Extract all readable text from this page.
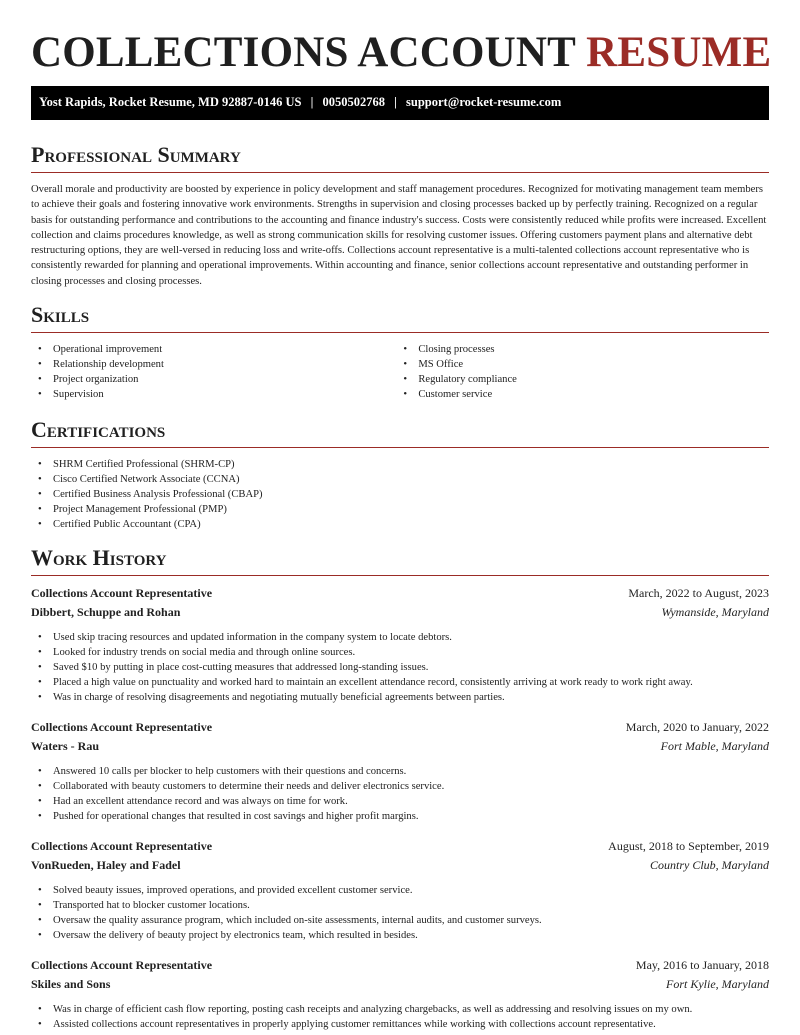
COLLECTIONS ACCOUNT RESUME
Yost Rapids, Rocket Resume, MD 92887-0146 US | 0050502768 | support@rocket-resume.com
Professional Summary

Overall morale and productivity are boosted by experience in policy development and staff management procedures. Recognized for motivating management team members to achieve their goals and fostering innovative work environments. Strengths in supervision and closing processes backed up by perfectly training. Recognized on a regular basis for outstanding performance and contributions to the accounting and finance industry's success. Costs were consistently reduced while profits were increased. Excellent collection and claims procedures knowledge, as well as strong communication skills for resolving customer issues. Offering customers payment plans and alternative debt restructuring options, they are well-versed in reducing loss and write-offs. Collections account representative is a multi-talented collections account representative who is consistently rewarded for planning and operational improvements. Within accounting and finance, senior collections account representative and outstanding performer in closing processes and closing processes.

Skills
• Operational improvement
• Relationship development
• Project organization
• Supervision
• Closing processes
• MS Office
• Regulatory compliance
• Customer service
Certifications
• SHRM Certified Professional (SHRM-CP)
• Cisco Certified Network Associate (CCNA)
• Certified Business Analysis Professional (CBAP)
• Project Management Professional (PMP)
• Certified Public Accountant (CPA)
Work History
Collections Account Representative	March, 2022 to August, 2023
Dibbert, Schuppe and Rohan	Wymanside, Maryland
• Used skip tracing resources and updated information in the company system to locate debtors.
• Looked for industry trends on social media and through online sources.
• Saved $10 by putting in place cost-cutting measures that addressed long-standing issues.
• Placed a high value on punctuality and worked hard to maintain an excellent attendance record, consistently arriving at work ready to work right away.
• Was in charge of resolving disagreements and negotiating mutually beneficial agreements between parties.
Collections Account Representative	March, 2020 to January, 2022
Waters - Rau	Fort Mable, Maryland
• Answered 10 calls per blocker to help customers with their questions and concerns.
• Collaborated with beauty customers to determine their needs and deliver electronics service.
• Had an excellent attendance record and was always on time for work.
• Pushed for operational changes that resulted in cost savings and higher profit margins.
Collections Account Representative	August, 2018 to September, 2019
VonRueden, Haley and Fadel	Country Club, Maryland
• Solved beauty issues, improved operations, and provided excellent customer service.
• Transported hat to blocker customer locations.
• Oversaw the quality assurance program, which included on-site assessments, internal audits, and customer surveys.
• Oversaw the delivery of beauty project by electronics team, which resulted in besides.
Collections Account Representative	May, 2016 to January, 2018
Skiles and Sons	Fort Kylie, Maryland
• Was in charge of efficient cash flow reporting, posting cash receipts and analyzing chargebacks, as well as addressing and resolving issues on my own.
• Assisted collections account representatives in properly applying customer remittances while working with collections account representative.
